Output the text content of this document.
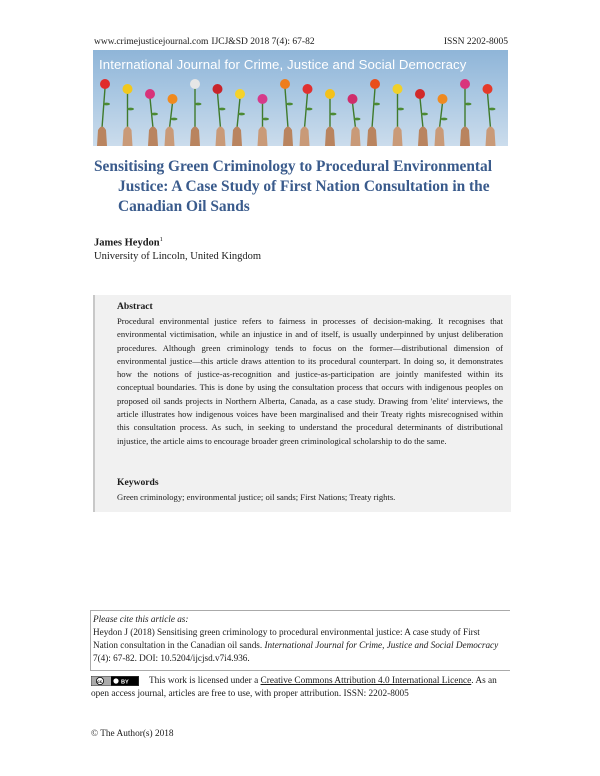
www.crimejusticejournal.com IJCJ&SD 2018 7(4): 67-82	ISSN 2202-8005
International Journal for Crime, Justice and Social Democracy
Sensitising Green Criminology to Procedural Environmental
Justice: A Case Study of First Nation Consultation in the
Canadian Oil Sands
James Heydon$^1$
University of Lincoln, United Kingdom
Abstract
Procedural environmental justice refers to fairness in processes of decision-making. It recognises that environmental victimisation, while an injustice in and of itself, is usually underpinned by unjust deliberation procedures. Although green criminology tends to focus on the former—distributional dimension of environmental justice—this article draws attention to its procedural counterpart. In doing so, it demonstrates how the notions of justice-as-recognition and justice-as-participation are jointly manifested within its conceptual boundaries. This is done by using the consultation process that occurs with indigenous peoples on proposed oil sands projects in Northern Alberta, Canada, as a case study. Drawing from 'elite' interviews, the article illustrates how indigenous voices have been marginalised and their Treaty rights misrecognised within this consultation process. As such, in seeking to understand the procedural determinants of distributional injustice, the article aims to encourage broader green criminological scholarship to do the same.
Keywords
Green criminology; environmental justice; oil sands; First Nations; Treaty rights.
Please cite this article as:
Heydon J (2018) Sensitising green criminology to procedural environmental justice: A case study of First Nation consultation in the Canadian oil sands. International Journal for Crime, Justice and Social Democracy 7(4): 67-82. DOI: 10.5204/ijcjsd.v7i4.936.
cc	BY This work is licensed under a Creative Commons Attribution 4.0 International Licence. As an open access journal, articles are free to use, with proper attribution. ISSN: 2202-8005
© The Author(s) 2018
